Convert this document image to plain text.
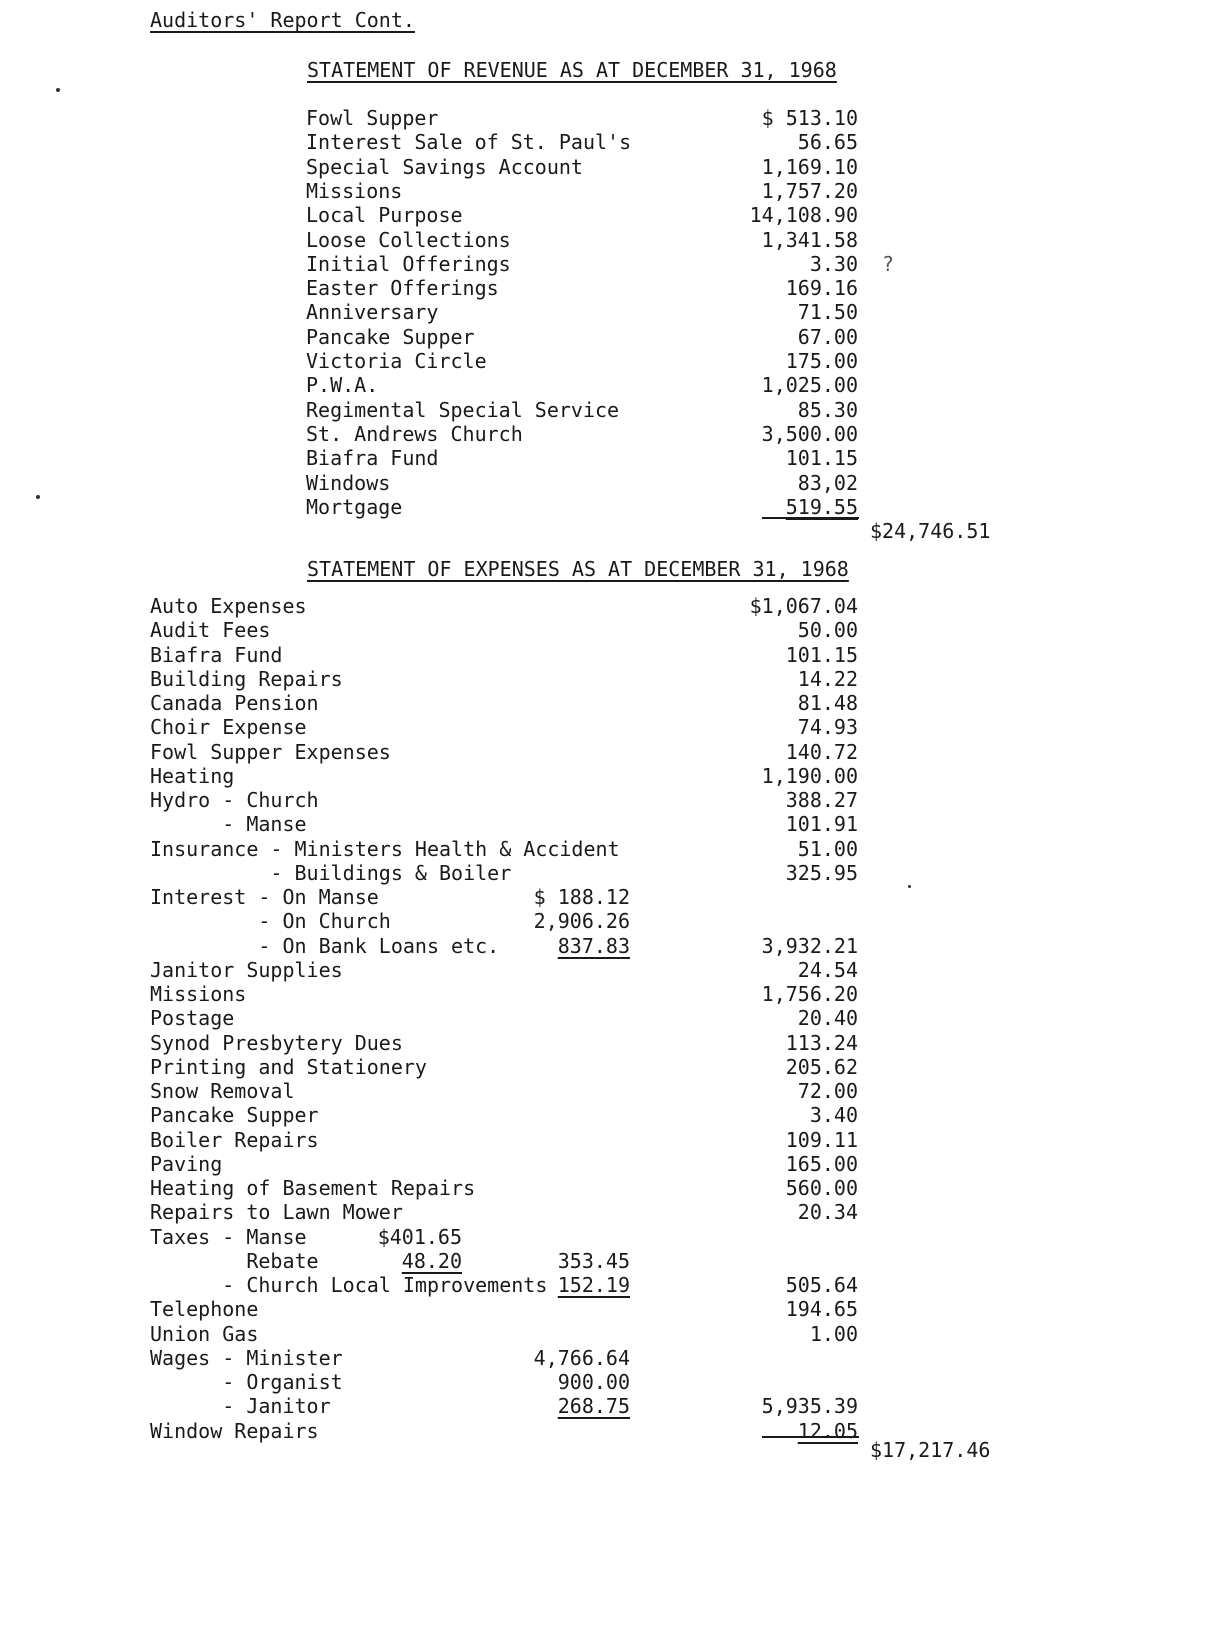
Auditors' Report Cont.
STATEMENT OF REVENUE AS AT DECEMBER 31, 1968
Fowl Supper	$ 513.10
Interest Sale of St. Paul's	56.65
Special Savings Account	1,169.10
Missions	1,757.20
Local Purpose	14,108.90
Loose Collections	1,341.58
Initial Offerings	3.30
Easter Offerings	169.16
Anniversary	71.50
Pancake Supper	67.00
Victoria Circle	175.00
P.W.A.	1,025.00
Regimental Special Service	85.30
St. Andrews Church	3,500.00
Biafra Fund	101.15
Windows	83,02
Mortgage	519.55
$24,746.51
?
STATEMENT OF EXPENSES AS AT DECEMBER 31, 1968
Auto Expenses	$1,067.04
Audit Fees	50.00
Biafra Fund	101.15
Building Repairs	14.22
Canada Pension	81.48
Choir Expense	74.93
Fowl Supper Expenses	140.72
Heating	1,190.00
Hydro - Church	388.27
- Manse	101.91
Insurance - Ministers Health & Accident	51.00
- Buildings & Boiler	325.95
Interest - On Manse	$ 188.12
- On Church	2,906.26
- On Bank Loans etc.	837.83	3,932.21
Janitor Supplies	24.54
Missions	1,756.20
Postage	20.40
Synod Presbytery Dues	113.24
Printing and Stationery	205.62
Snow Removal	72.00
Pancake Supper	3.40
Boiler Repairs	109.11
Paving	165.00
Heating of Basement Repairs	560.00
Repairs to Lawn Mower	20.34
Taxes - Manse	$401.65
Rebate	48.20	353.45
- Church Local Improvements 152.19	505.64
Telephone	194.65
Union Gas	1.00
Wages - Minister	4,766.64
- Organist	900.00
- Janitor	268.75	5,935.39
Window Repairs	12.05
$17,217.46
